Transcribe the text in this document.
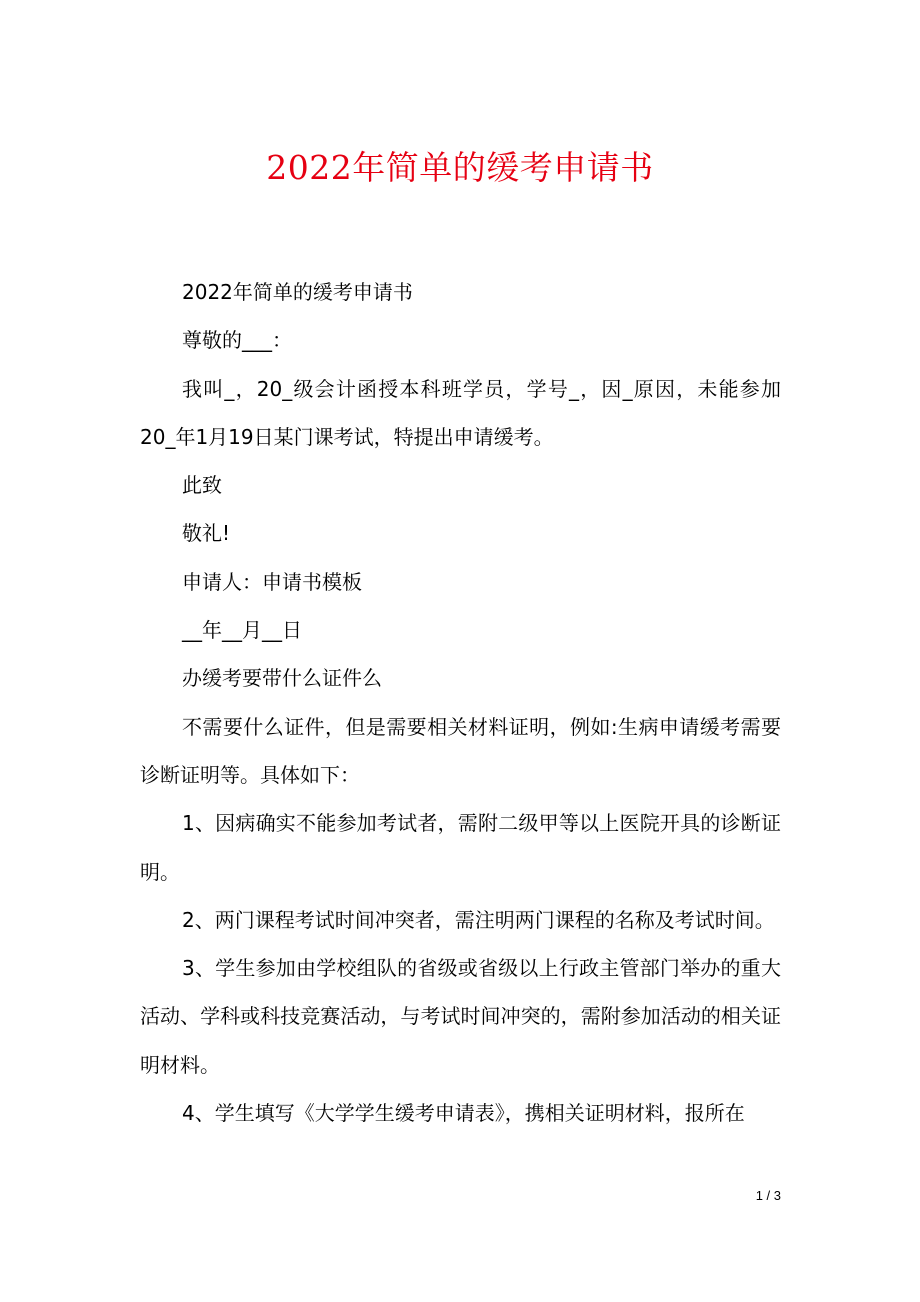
2022年简单的缓考申请书

2022年简单的缓考申请书

尊敬的___：

我叫_，20_级会计函授本科班学员，学号_，因_原因，未能参加20_年1月19日某门课考试，特提出申请缓考。

此致

敬礼!

申请人：申请书模板

__年__月__日

办缓考要带什么证件么

不需要什么证件，但是需要相关材料证明，例如:生病申请缓考需要诊断证明等。具体如下：

1、因病确实不能参加考试者，需附二级甲等以上医院开具的诊断证明。

2、两门课程考试时间冲突者，需注明两门课程的名称及考试时间。

3、学生参加由学校组队的省级或省级以上行政主管部门举办的重大活动、学科或科技竞赛活动，与考试时间冲突的，需附参加活动的相关证明材料。

4、学生填写《大学学生缓考申请表》，携相关证明材料，报所在

1 / 3
